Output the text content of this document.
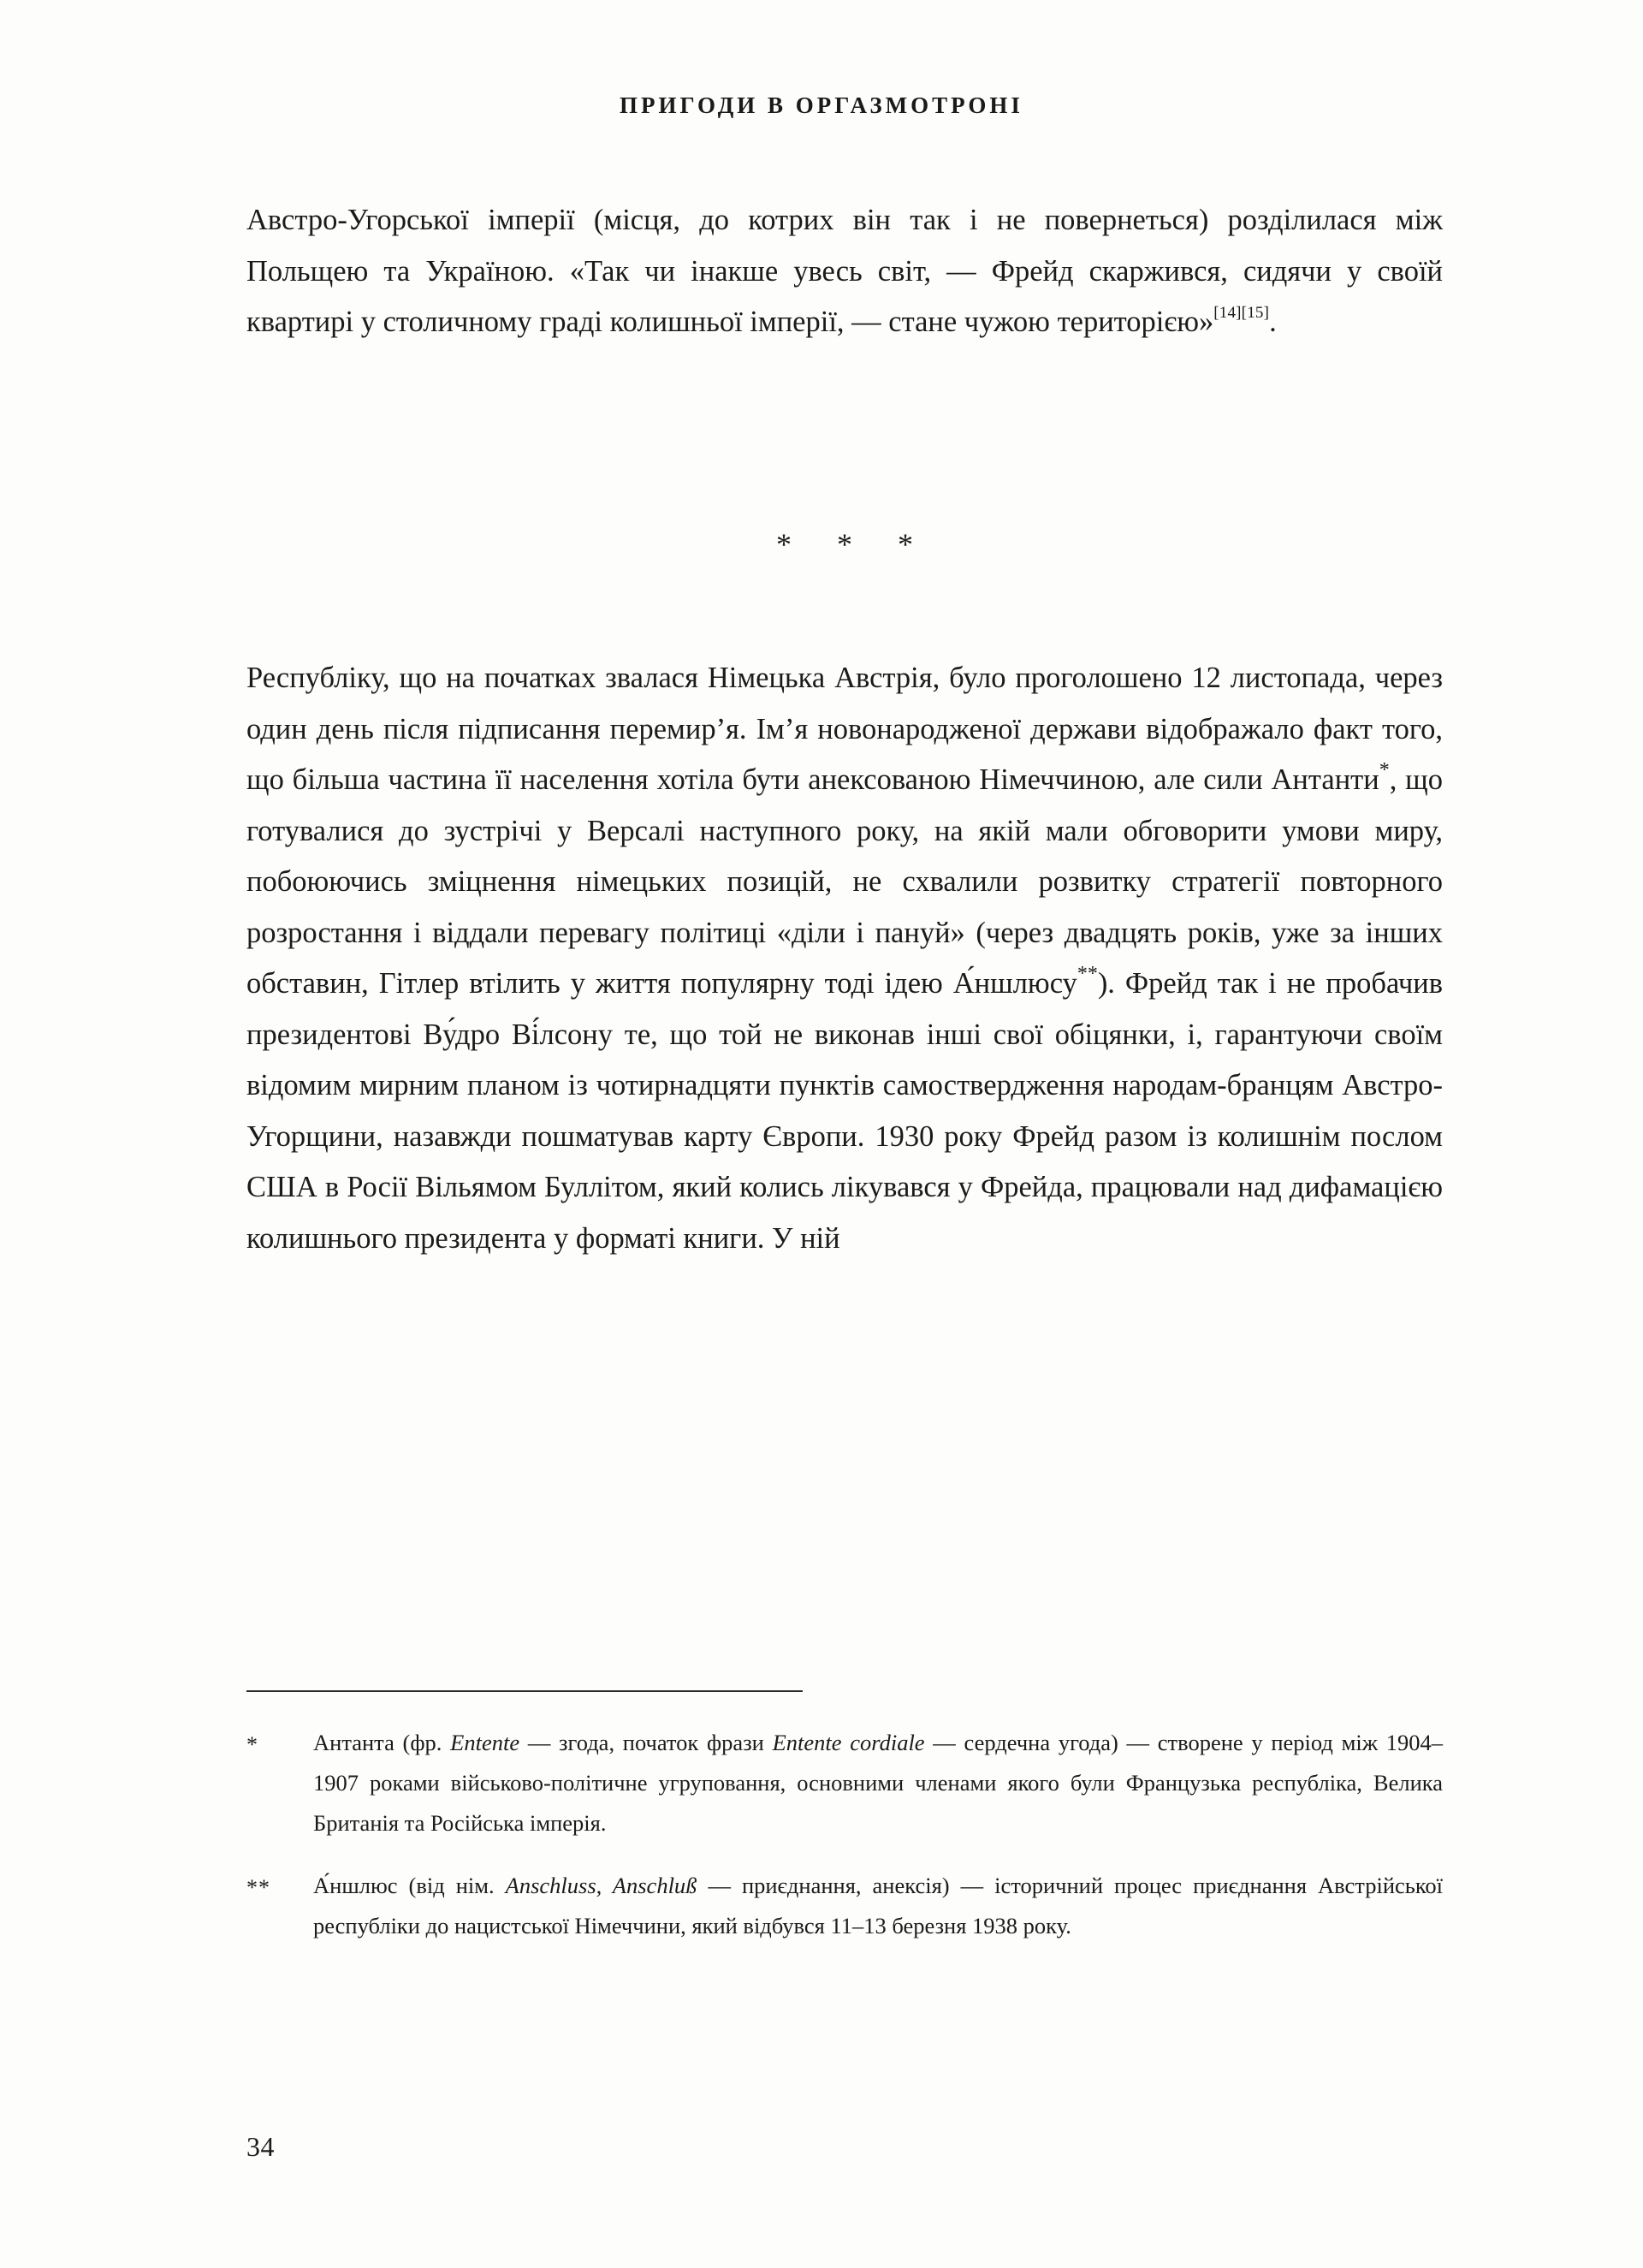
ПРИГОДИ В ОРГАЗМОТРОНІ

Австро-Угорської імперії (місця, до котрих він так і не повернеться) розділилася між Польщею та Україною. «Так чи інакше увесь світ, — Фрейд скаржився, сидячи у своїй квартирі у столичному граді колишньої імперії, — стане чужою територією»[14][15].

* * *

Республіку, що на початках звалася Німецька Австрія, було проголошено 12 листопада, через один день після підписання перемир’я. Ім’я новонародженої держави відображало факт того, що більша частина її населення хотіла бути анексованою Німеччиною, але сили Антанти*, що готувалися до зустрічі у Версалі наступного року, на якій мали обговорити умови миру, побоюючись зміцнення німецьких позицій, не схвалили розвитку стратегії повторного розростання і віддали перевагу політиці «діли і пануй» (через двадцять років, уже за інших обставин, Гітлер втілить у життя популярну тоді ідею А́ншлюсу**). Фрейд так і не пробачив президентові Ву́дро Ві́лсону те, що той не виконав інші свої обіцянки, і, гарантуючи своїм відомим мирним планом із чотирнадцяти пунктів самоствердження народам-бранцям Австро-Угорщини, назавжди пошматував карту Європи. 1930 року Фрейд разом із колишнім послом США в Росії Вільямом Буллітом, який колись лікувався у Фрейда, працювали над дифамацією колишнього президента у форматі книги. У ній

* Антанта (фр. Entente — згода, початок фрази Entente cordiale — сердечна угода) — створене у період між 1904–1907 роками військово-політичне угруповання, основними членами якого були Французька республіка, Велика Британія та Російська імперія.
** А́ншлюс (від нім. Anschluss, Anschluß — приєднання, анексія) — історичний процес приєднання Австрійської республіки до нацистської Німеччини, який відбувся 11–13 березня 1938 року.
34
